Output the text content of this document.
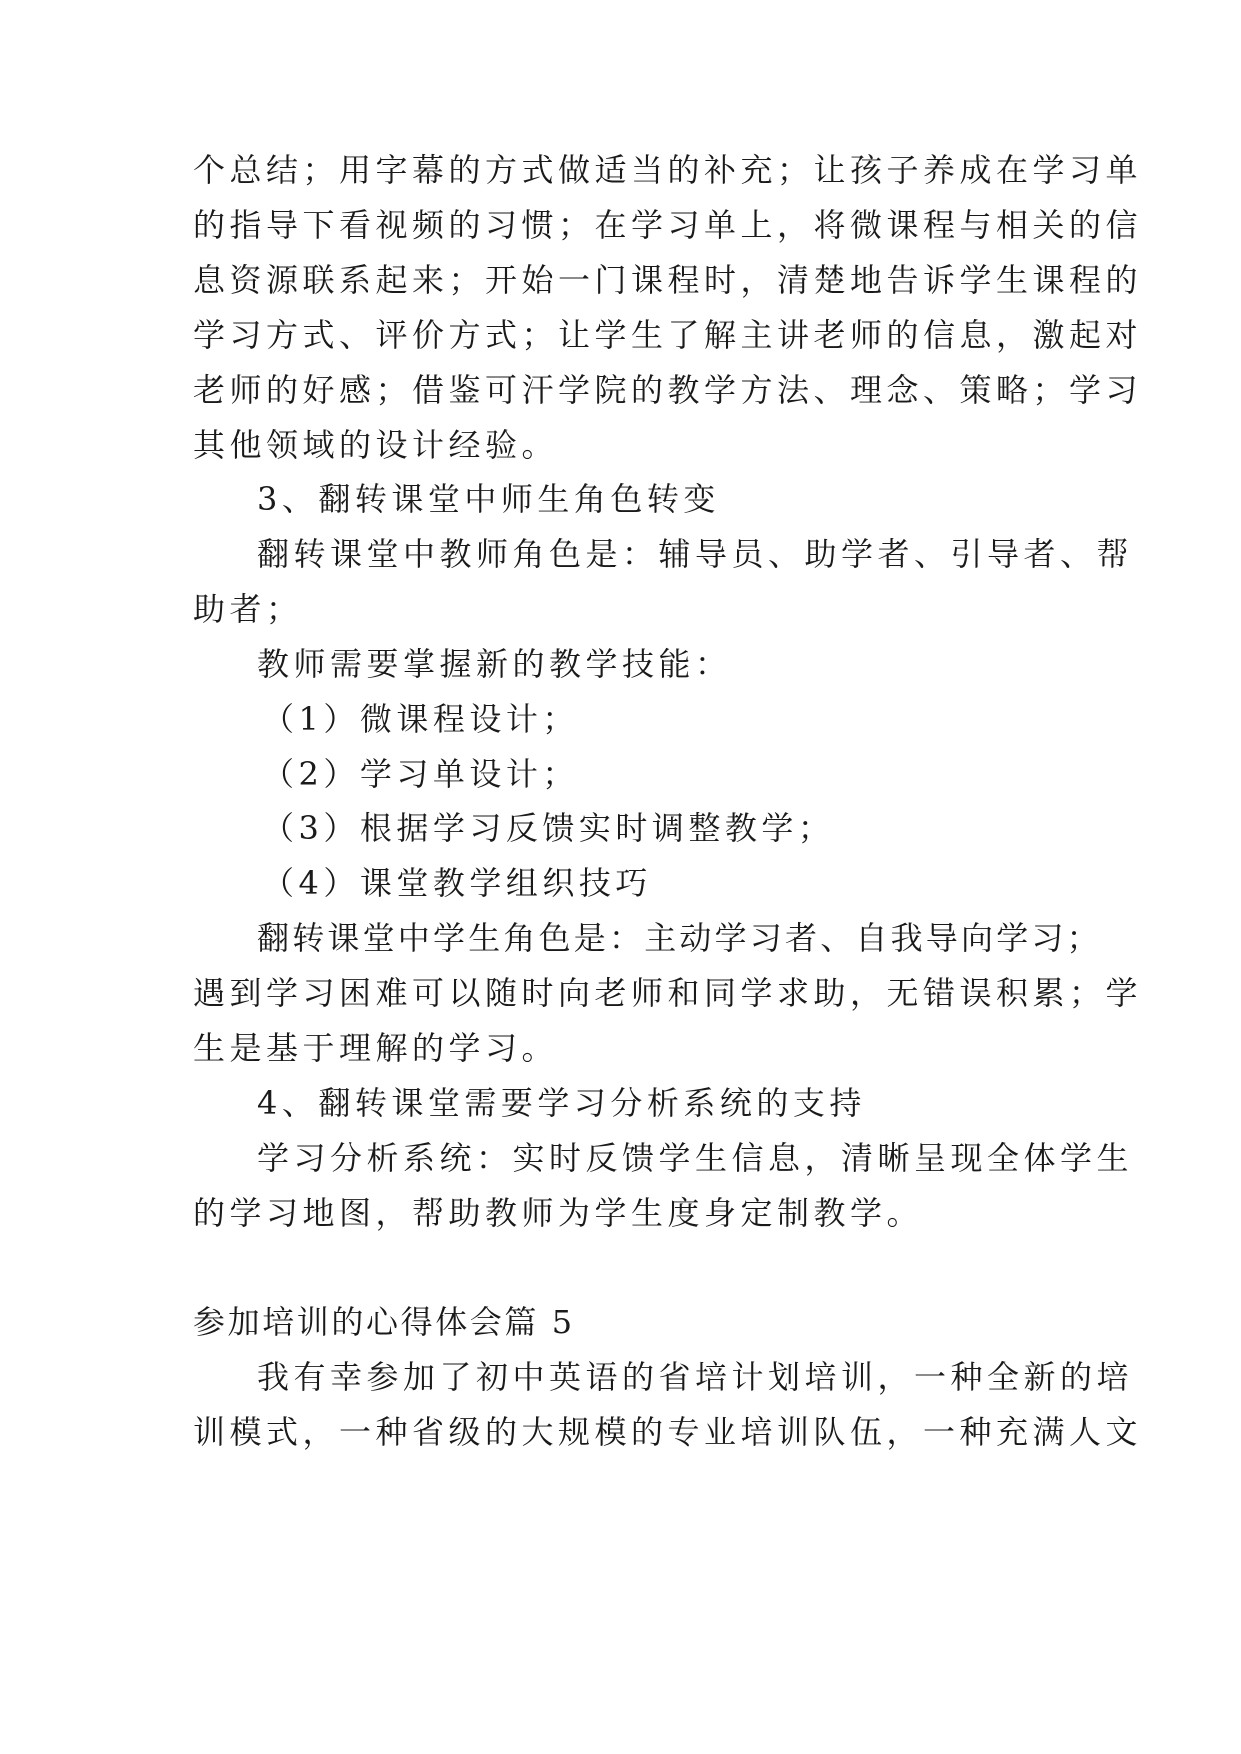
个总结；用字幕的方式做适当的补充；让孩子养成在学习单
的指导下看视频的习惯；在学习单上，将微课程与相关的信
息资源联系起来；开始一门课程时，清楚地告诉学生课程的
学习方式、评价方式；让学生了解主讲老师的信息，激起对
老师的好感；借鉴可汗学院的教学方法、理念、策略；学习
其他领域的设计经验。
3、翻转课堂中师生角色转变
翻转课堂中教师角色是：辅导员、助学者、引导者、帮
助者；
教师需要掌握新的教学技能：
（1）微课程设计；
（2）学习单设计；
（3）根据学习反馈实时调整教学；
（4）课堂教学组织技巧
翻转课堂中学生角色是：主动学习者、自我导向学习；
遇到学习困难可以随时向老师和同学求助，无错误积累；学
生是基于理解的学习。
4、翻转课堂需要学习分析系统的支持
学习分析系统：实时反馈学生信息，清晰呈现全体学生
的学习地图，帮助教师为学生度身定制教学。
参加培训的心得体会篇 5
我有幸参加了初中英语的省培计划培训，一种全新的培
训模式，一种省级的大规模的专业培训队伍，一种充满人文
